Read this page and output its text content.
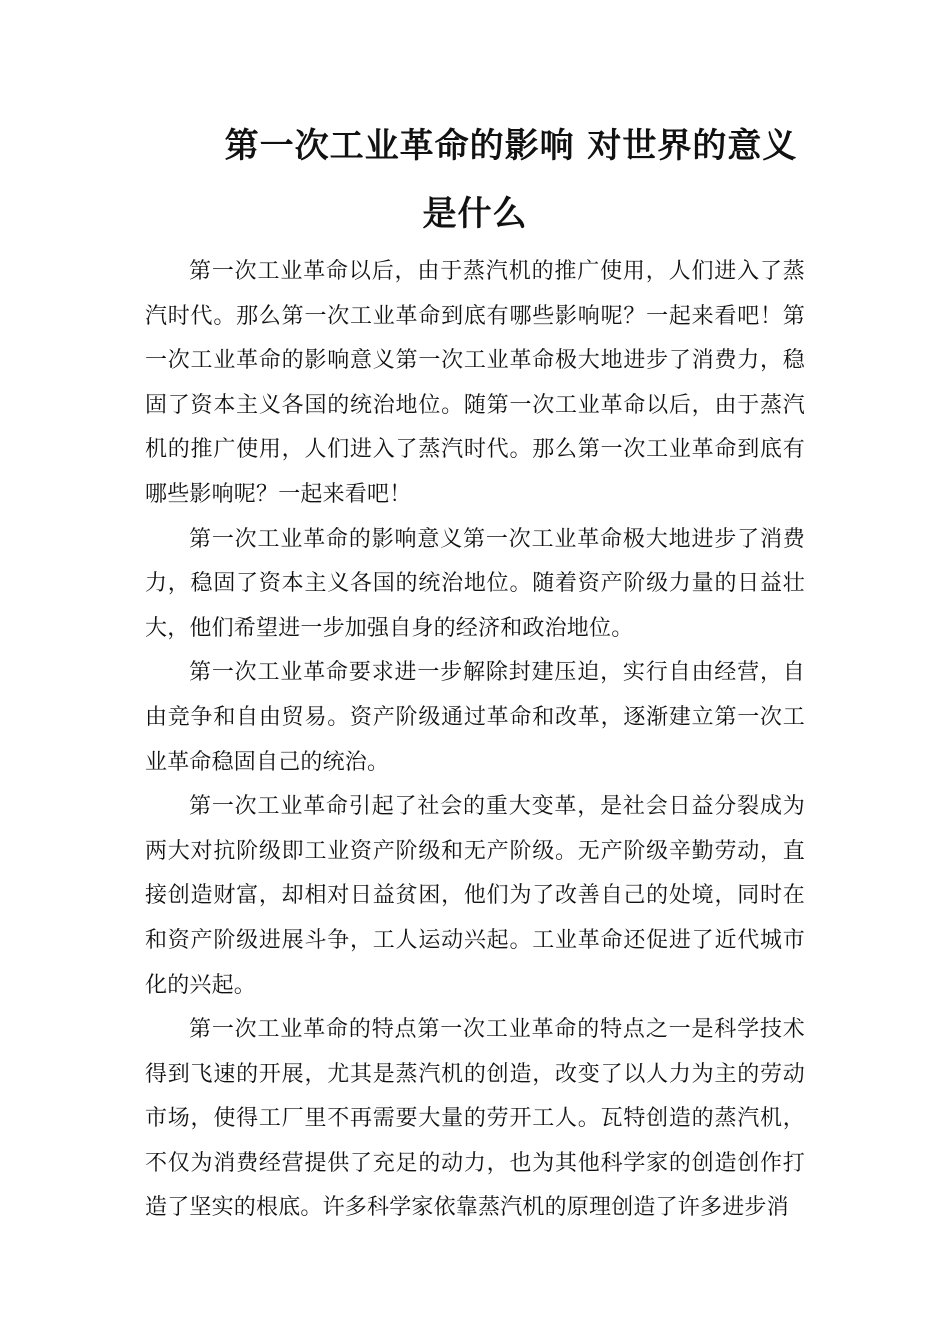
第一次工业革命的影响 对世界的意义是什么

第一次工业革命以后，由于蒸汽机的推广使用，人们进入了蒸汽时代。那么第一次工业革命到底有哪些影响呢？一起来看吧！第一次工业革命的影响意义第一次工业革命极大地进步了消费力，稳固了资本主义各国的统治地位。随第一次工业革命以后，由于蒸汽机的推广使用，人们进入了蒸汽时代。那么第一次工业革命到底有哪些影响呢？一起来看吧！

第一次工业革命的影响意义第一次工业革命极大地进步了消费力，稳固了资本主义各国的统治地位。随着资产阶级力量的日益壮大，他们希望进一步加强自身的经济和政治地位。

第一次工业革命要求进一步解除封建压迫，实行自由经营，自由竞争和自由贸易。资产阶级通过革命和改革，逐渐建立第一次工业革命稳固自己的统治。

第一次工业革命引起了社会的重大变革，是社会日益分裂成为两大对抗阶级即工业资产阶级和无产阶级。无产阶级辛勤劳动，直接创造财富，却相对日益贫困，他们为了改善自己的处境，同时在和资产阶级进展斗争，工人运动兴起。工业革命还促进了近代城市化的兴起。

第一次工业革命的特点第一次工业革命的特点之一是科学技术得到飞速的开展，尤其是蒸汽机的创造，改变了以人力为主的劳动市场，使得工厂里不再需要大量的劳开工人。瓦特创造的蒸汽机，不仅为消费经营提供了充足的动力，也为其他科学家的创造创作打造了坚实的根底。许多科学家依靠蒸汽机的原理创造了许多进步消
